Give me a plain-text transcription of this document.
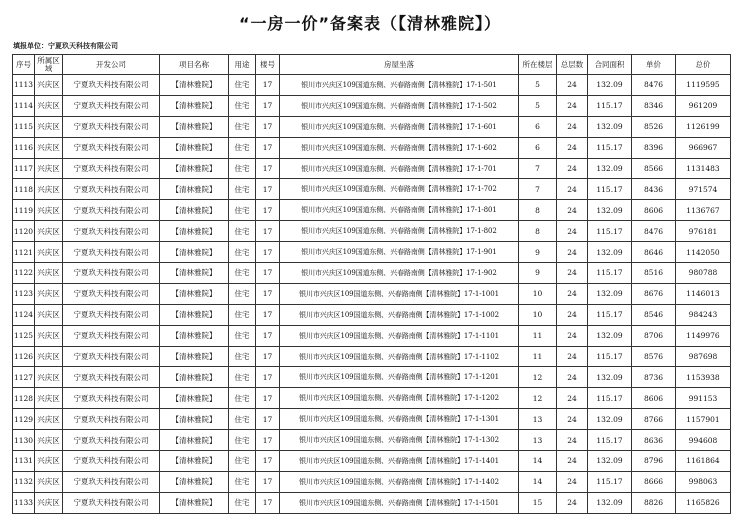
“一房一价”备案表（【清林雅院】）
填报单位：宁夏玖天科技有限公司
序号	所属区域	开发公司	项目名称	用途	楼号	房屋坐落	所在楼层	总层数	合同面积	单价	总价
1113	兴庆区	宁夏玖天科技有限公司	【清林雅院】	住宅	17	银川市兴庆区109国道东侧、兴春路南侧【清林雅院】17-1-501	5	24	132.09	8476	1119595
1114	兴庆区	宁夏玖天科技有限公司	【清林雅院】	住宅	17	银川市兴庆区109国道东侧、兴春路南侧【清林雅院】17-1-502	5	24	115.17	8346	961209
1115	兴庆区	宁夏玖天科技有限公司	【清林雅院】	住宅	17	银川市兴庆区109国道东侧、兴春路南侧【清林雅院】17-1-601	6	24	132.09	8526	1126199
1116	兴庆区	宁夏玖天科技有限公司	【清林雅院】	住宅	17	银川市兴庆区109国道东侧、兴春路南侧【清林雅院】17-1-602	6	24	115.17	8396	966967
1117	兴庆区	宁夏玖天科技有限公司	【清林雅院】	住宅	17	银川市兴庆区109国道东侧、兴春路南侧【清林雅院】17-1-701	7	24	132.09	8566	1131483
1118	兴庆区	宁夏玖天科技有限公司	【清林雅院】	住宅	17	银川市兴庆区109国道东侧、兴春路南侧【清林雅院】17-1-702	7	24	115.17	8436	971574
1119	兴庆区	宁夏玖天科技有限公司	【清林雅院】	住宅	17	银川市兴庆区109国道东侧、兴春路南侧【清林雅院】17-1-801	8	24	132.09	8606	1136767
1120	兴庆区	宁夏玖天科技有限公司	【清林雅院】	住宅	17	银川市兴庆区109国道东侧、兴春路南侧【清林雅院】17-1-802	8	24	115.17	8476	976181
1121	兴庆区	宁夏玖天科技有限公司	【清林雅院】	住宅	17	银川市兴庆区109国道东侧、兴春路南侧【清林雅院】17-1-901	9	24	132.09	8646	1142050
1122	兴庆区	宁夏玖天科技有限公司	【清林雅院】	住宅	17	银川市兴庆区109国道东侧、兴春路南侧【清林雅院】17-1-902	9	24	115.17	8516	980788
1123	兴庆区	宁夏玖天科技有限公司	【清林雅院】	住宅	17	银川市兴庆区109国道东侧、兴春路南侧【清林雅院】17-1-1001	10	24	132.09	8676	1146013
1124	兴庆区	宁夏玖天科技有限公司	【清林雅院】	住宅	17	银川市兴庆区109国道东侧、兴春路南侧【清林雅院】17-1-1002	10	24	115.17	8546	984243
1125	兴庆区	宁夏玖天科技有限公司	【清林雅院】	住宅	17	银川市兴庆区109国道东侧、兴春路南侧【清林雅院】17-1-1101	11	24	132.09	8706	1149976
1126	兴庆区	宁夏玖天科技有限公司	【清林雅院】	住宅	17	银川市兴庆区109国道东侧、兴春路南侧【清林雅院】17-1-1102	11	24	115.17	8576	987698
1127	兴庆区	宁夏玖天科技有限公司	【清林雅院】	住宅	17	银川市兴庆区109国道东侧、兴春路南侧【清林雅院】17-1-1201	12	24	132.09	8736	1153938
1128	兴庆区	宁夏玖天科技有限公司	【清林雅院】	住宅	17	银川市兴庆区109国道东侧、兴春路南侧【清林雅院】17-1-1202	12	24	115.17	8606	991153
1129	兴庆区	宁夏玖天科技有限公司	【清林雅院】	住宅	17	银川市兴庆区109国道东侧、兴春路南侧【清林雅院】17-1-1301	13	24	132.09	8766	1157901
1130	兴庆区	宁夏玖天科技有限公司	【清林雅院】	住宅	17	银川市兴庆区109国道东侧、兴春路南侧【清林雅院】17-1-1302	13	24	115.17	8636	994608
1131	兴庆区	宁夏玖天科技有限公司	【清林雅院】	住宅	17	银川市兴庆区109国道东侧、兴春路南侧【清林雅院】17-1-1401	14	24	132.09	8796	1161864
1132	兴庆区	宁夏玖天科技有限公司	【清林雅院】	住宅	17	银川市兴庆区109国道东侧、兴春路南侧【清林雅院】17-1-1402	14	24	115.17	8666	998063
1133	兴庆区	宁夏玖天科技有限公司	【清林雅院】	住宅	17	银川市兴庆区109国道东侧、兴春路南侧【清林雅院】17-1-1501	15	24	132.09	8826	1165826
